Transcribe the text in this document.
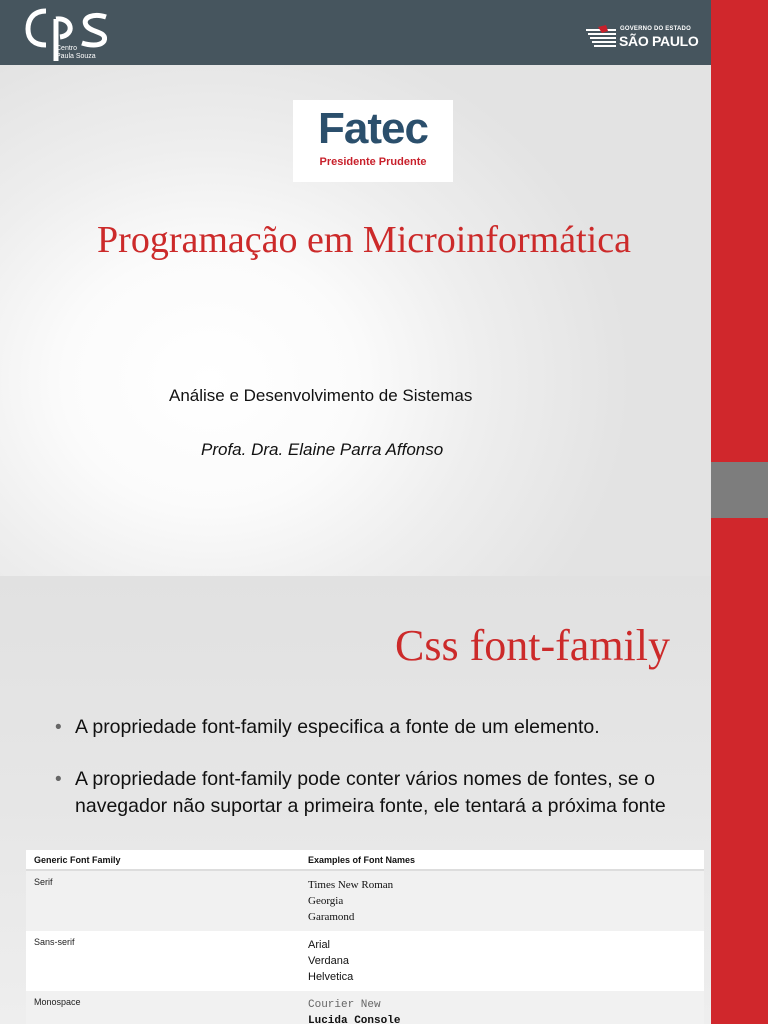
Centro
Paula Souza
GOVERNO DO ESTADO
SÃO PAULO
Fatec
Presidente Prudente
Programação em Microinformática
Análise e Desenvolvimento de Sistemas
Profa. Dra. Elaine Parra Affonso
Css font-family
• A propriedade font-family especifica a fonte de um elemento.
• A propriedade font-family pode conter vários nomes de fontes, se o navegador não suportar a primeira fonte, ele tentará a próxima fonte
Generic Font Family	Examples of Font Names
Serif	Times New Roman
Georgia
Garamond

Sans-serif	Arial
Verdana
Helvetica

Monospace	Courier New
Lucida Console
